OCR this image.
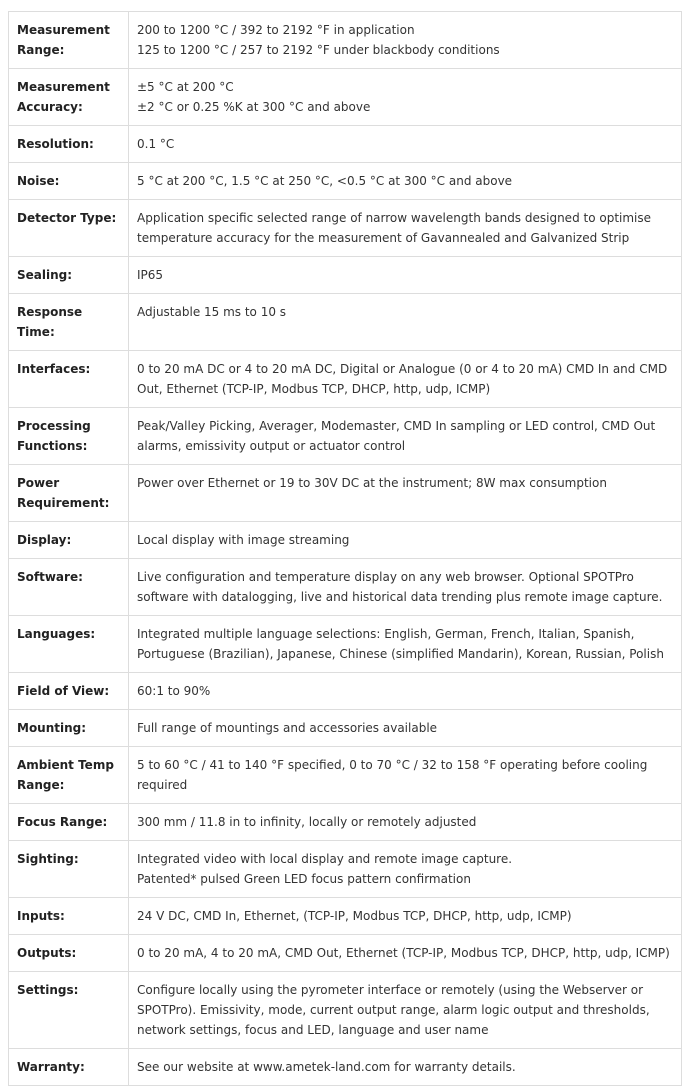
Measurement Range:	200 to 1200 °C / 392 to 2192 °F in application
125 to 1200 °C / 257 to 2192 °F under blackbody conditions

Measurement Accuracy:	±5 °C at 200 °C
±2 °C or 0.25 %K at 300 °C and above

Resolution:	0.1 °C

Noise:	5 °C at 200 °C, 1.5 °C at 250 °C, <0.5 °C at 300 °C and above

Detector Type:	Application specific selected range of narrow wavelength bands designed to optimise
temperature accuracy for the measurement of Gavannealed and Galvanized Strip

Sealing:	IP65

Response Time:	Adjustable 15 ms to 10 s

Interfaces:	0 to 20 mA DC or 4 to 20 mA DC, Digital or Analogue (0 or 4 to 20 mA) CMD In and CMD
Out, Ethernet (TCP-IP, Modbus TCP, DHCP, http, udp, ICMP)

Processing Functions:	Peak/Valley Picking, Averager, Modemaster, CMD In sampling or LED control, CMD Out
alarms, emissivity output or actuator control

Power Requirement:	Power over Ethernet or 19 to 30V DC at the instrument; 8W max consumption

Display:	Local display with image streaming

Software:	Live configuration and temperature display on any web browser. Optional SPOTPro
software with datalogging, live and historical data trending plus remote image capture.

Languages:	Integrated multiple language selections: English, German, French, Italian, Spanish,
Portuguese (Brazilian), Japanese, Chinese (simplified Mandarin), Korean, Russian, Polish

Field of View:	60:1 to 90%

Mounting:	Full range of mountings and accessories available

Ambient Temp Range:	5 to 60 °C / 41 to 140 °F specified, 0 to 70 °C / 32 to 158 °F operating before cooling
required

Focus Range:	300 mm / 11.8 in to infinity, locally or remotely adjusted

Sighting:	Integrated video with local display and remote image capture.
Patented* pulsed Green LED focus pattern confirmation

Inputs:	24 V DC, CMD In, Ethernet, (TCP-IP, Modbus TCP, DHCP, http, udp, ICMP)

Outputs:	0 to 20 mA, 4 to 20 mA, CMD Out, Ethernet (TCP-IP, Modbus TCP, DHCP, http, udp, ICMP)

Settings:	Configure locally using the pyrometer interface or remotely (using the Webserver or
SPOTPro). Emissivity, mode, current output range, alarm logic output and thresholds,
network settings, focus and LED, language and user name

Warranty:	See our website at www.ametek-land.com for warranty details.
